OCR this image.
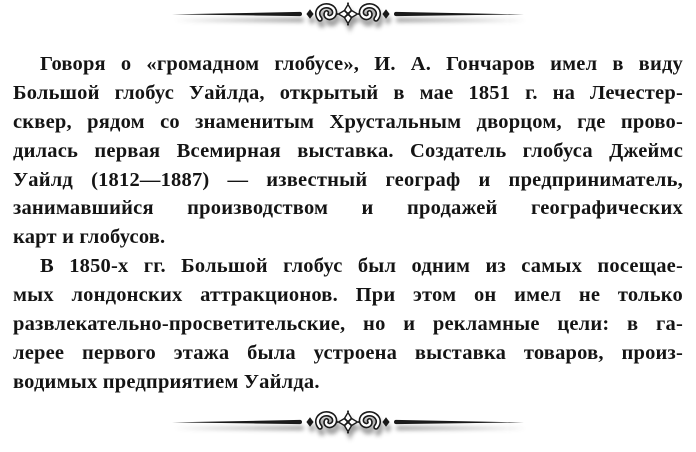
Говоря о «громадном глобусе», И. А. Гончаров имел в виду
Большой глобус Уайлда, открытый в мае 1851 г. на Лечестер-
сквер, рядом со знаменитым Хрустальным дворцом, где прово-
дилась первая Всемирная выставка. Создатель глобуса Джеймс
Уайлд (1812—1887) — известный географ и предприниматель,
занимавшийся производством и продажей географических
карт и глобусов.
В 1850-х гг. Большой глобус был одним из самых посещае-
мых лондонских аттракционов. При этом он имел не только
развлекательно-просветительские, но и рекламные цели: в га-
лерее первого этажа была устроена выставка товаров, произ-
водимых предприятием Уайлда.
